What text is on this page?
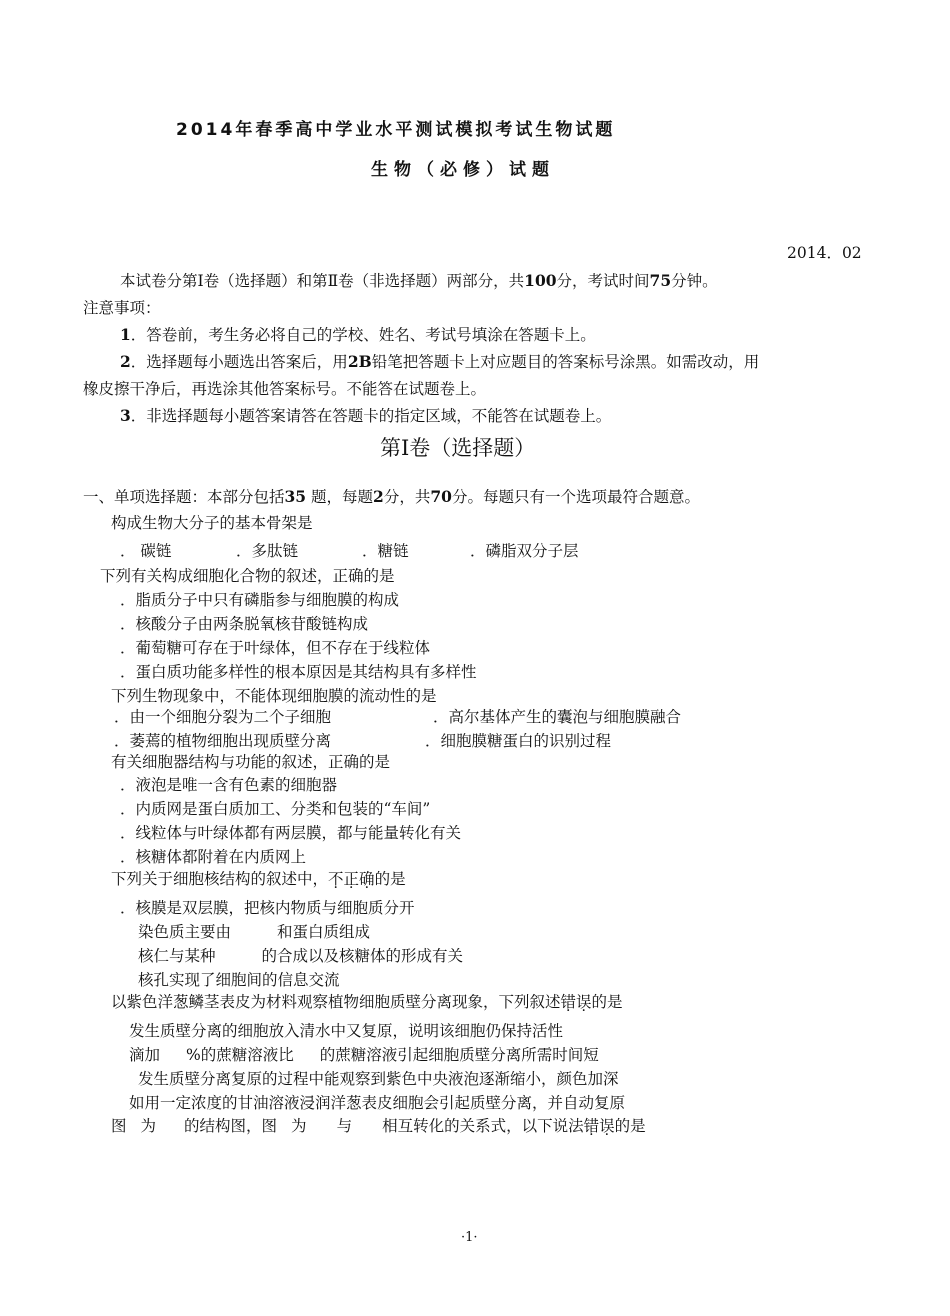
2014年春季高中学业水平测试模拟考试生物试题
生物（必修）试题
2014．02
本试卷分第Ⅰ卷（选择题）和第Ⅱ卷（非选择题）两部分，共100分，考试时间75分钟。
注意事项：
1．答卷前，考生务必将自己的学校、姓名、考试号填涂在答题卡上。
2．选择题每小题选出答案后，用2B铅笔把答题卡上对应题目的答案标号涂黑。如需改动，用
橡皮擦干净后，再选涂其他答案标号。不能答在试题卷上。
3．非选择题每小题答案请答在答题卡的指定区域，不能答在试题卷上。
第Ⅰ卷（选择题）
一、单项选择题：本部分包括35 题，每题2分，共70分。每题只有一个选项最符合题意。
构成生物大分子的基本骨架是
． 碳链	．多肽链	．糖链	．磷脂双分子层
下列有关构成细胞化合物的叙述，正确的是
．脂质分子中只有磷脂参与细胞膜的构成
．核酸分子由两条脱氧核苷酸链构成
．葡萄糖可存在于叶绿体，但不存在于线粒体
．蛋白质功能多样性的根本原因是其结构具有多样性
下列生物现象中，不能体现细胞膜的流动性的是
．由一个细胞分裂为二个子细胞	．高尔基体产生的囊泡与细胞膜融合
．萎蔫的植物细胞出现质壁分离	．细胞膜糖蛋白的识别过程
有关细胞器结构与功能的叙述，正确的是
．液泡是唯一含有色素的细胞器
．内质网是蛋白质加工、分类和包装的“车间”
．线粒体与叶绿体都有两层膜，都与能量转化有关
．核糖体都附着在内质网上
下列关于细胞核结构的叙述中，不正确的是
．核膜是双层膜，把核内物质与细胞质分开
染色质主要由	和蛋白质组成
核仁与某种	的合成以及核糖体的形成有关
核孔实现了细胞间的信息交流
以紫色洋葱鳞茎表皮为材料观察植物细胞质壁分离现象，下列叙述错误的是
发生质壁分离的细胞放入清水中又复原，说明该细胞仍保持活性
滴加 %的蔗糖溶液比 的蔗糖溶液引起细胞质壁分离所需时间短
发生质壁分离复原的过程中能观察到紫色中央液泡逐渐缩小，颜色加深
如用一定浓度的甘油溶液浸润洋葱表皮细胞会引起质壁分离，并自动复原
图 为 的结构图，图 为 与 相互转化的关系式，以下说法错误的是
·1·
